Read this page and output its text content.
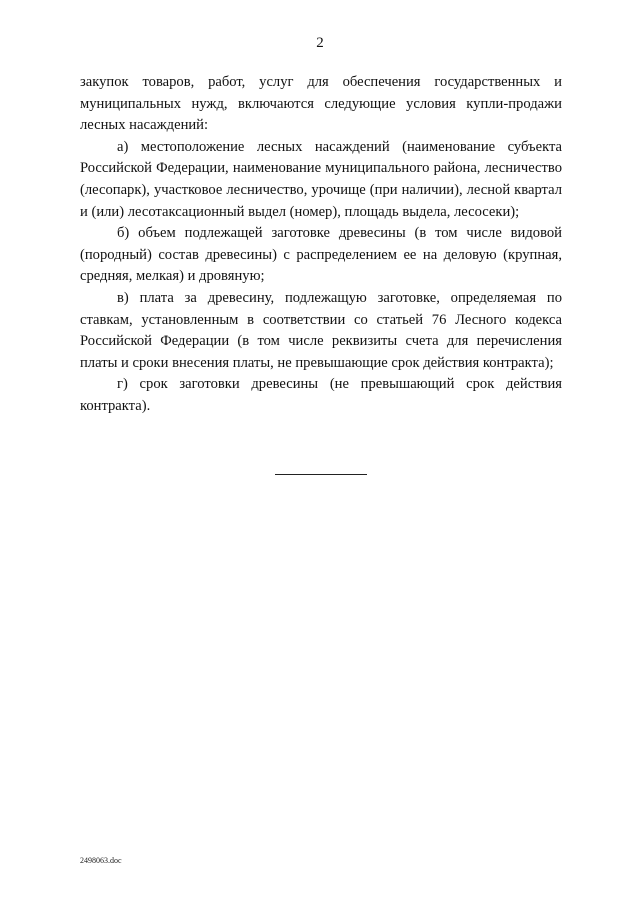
2

закупок товаров, работ, услуг для обеспечения государственных и муниципальных нужд, включаются следующие условия купли-продажи лесных насаждений:

а) местоположение лесных насаждений (наименование субъекта Российской Федерации, наименование муниципального района, лесничество (лесопарк), участковое лесничество, урочище (при наличии), лесной квартал и (или) лесотаксационный выдел (номер), площадь выдела, лесосеки);

б) объем подлежащей заготовке древесины (в том числе видовой (породный) состав древесины) с распределением ее на деловую (крупная, средняя, мелкая) и дровяную;

в) плата за древесину, подлежащую заготовке, определяемая по ставкам, установленным в соответствии со статьей 76 Лесного кодекса Российской Федерации (в том числе реквизиты счета для перечисления платы и сроки внесения платы, не превышающие срок действия контракта);

г) срок заготовки древесины (не превышающий срок действия контракта).

2498063.doc
